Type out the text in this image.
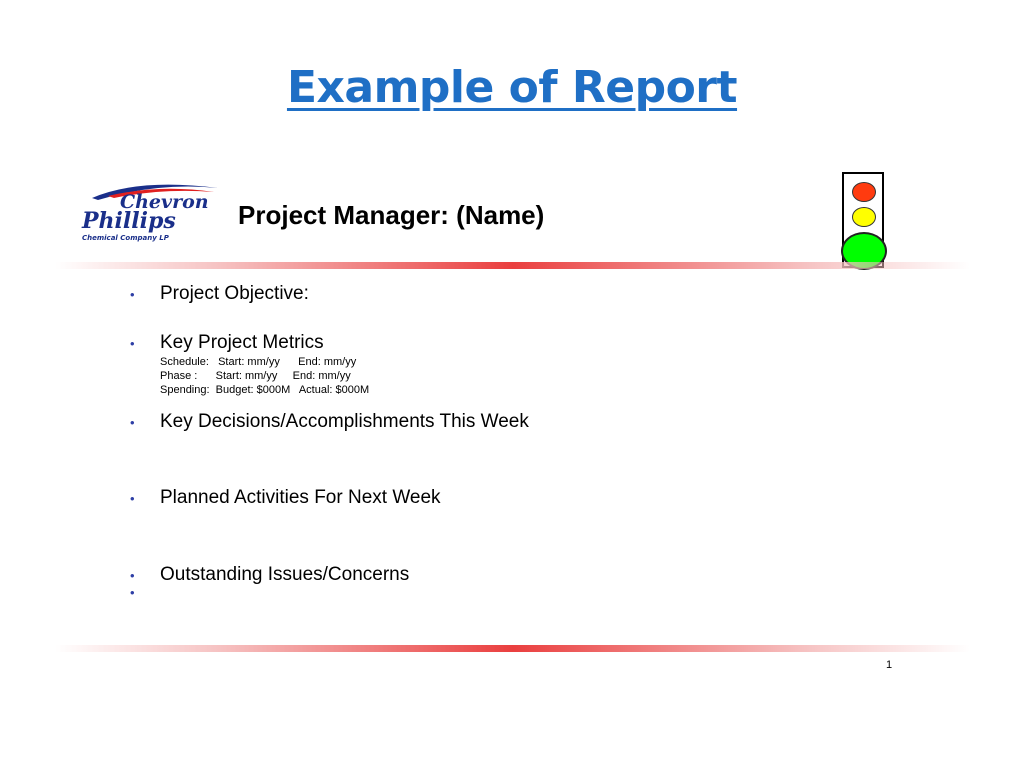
Example of Report
Chevron
Phillips
Chemical Company LP
Project Manager: (Name)
• Project Objective:
• Key Project Metrics
Schedule:   Start: mm/yy      End: mm/yy
Phase :      Start: mm/yy     End: mm/yy
Spending:  Budget: $000M   Actual: $000M
• Key Decisions/Accomplishments This Week
• Planned Activities For Next Week
• Outstanding Issues/Concerns
•
1
